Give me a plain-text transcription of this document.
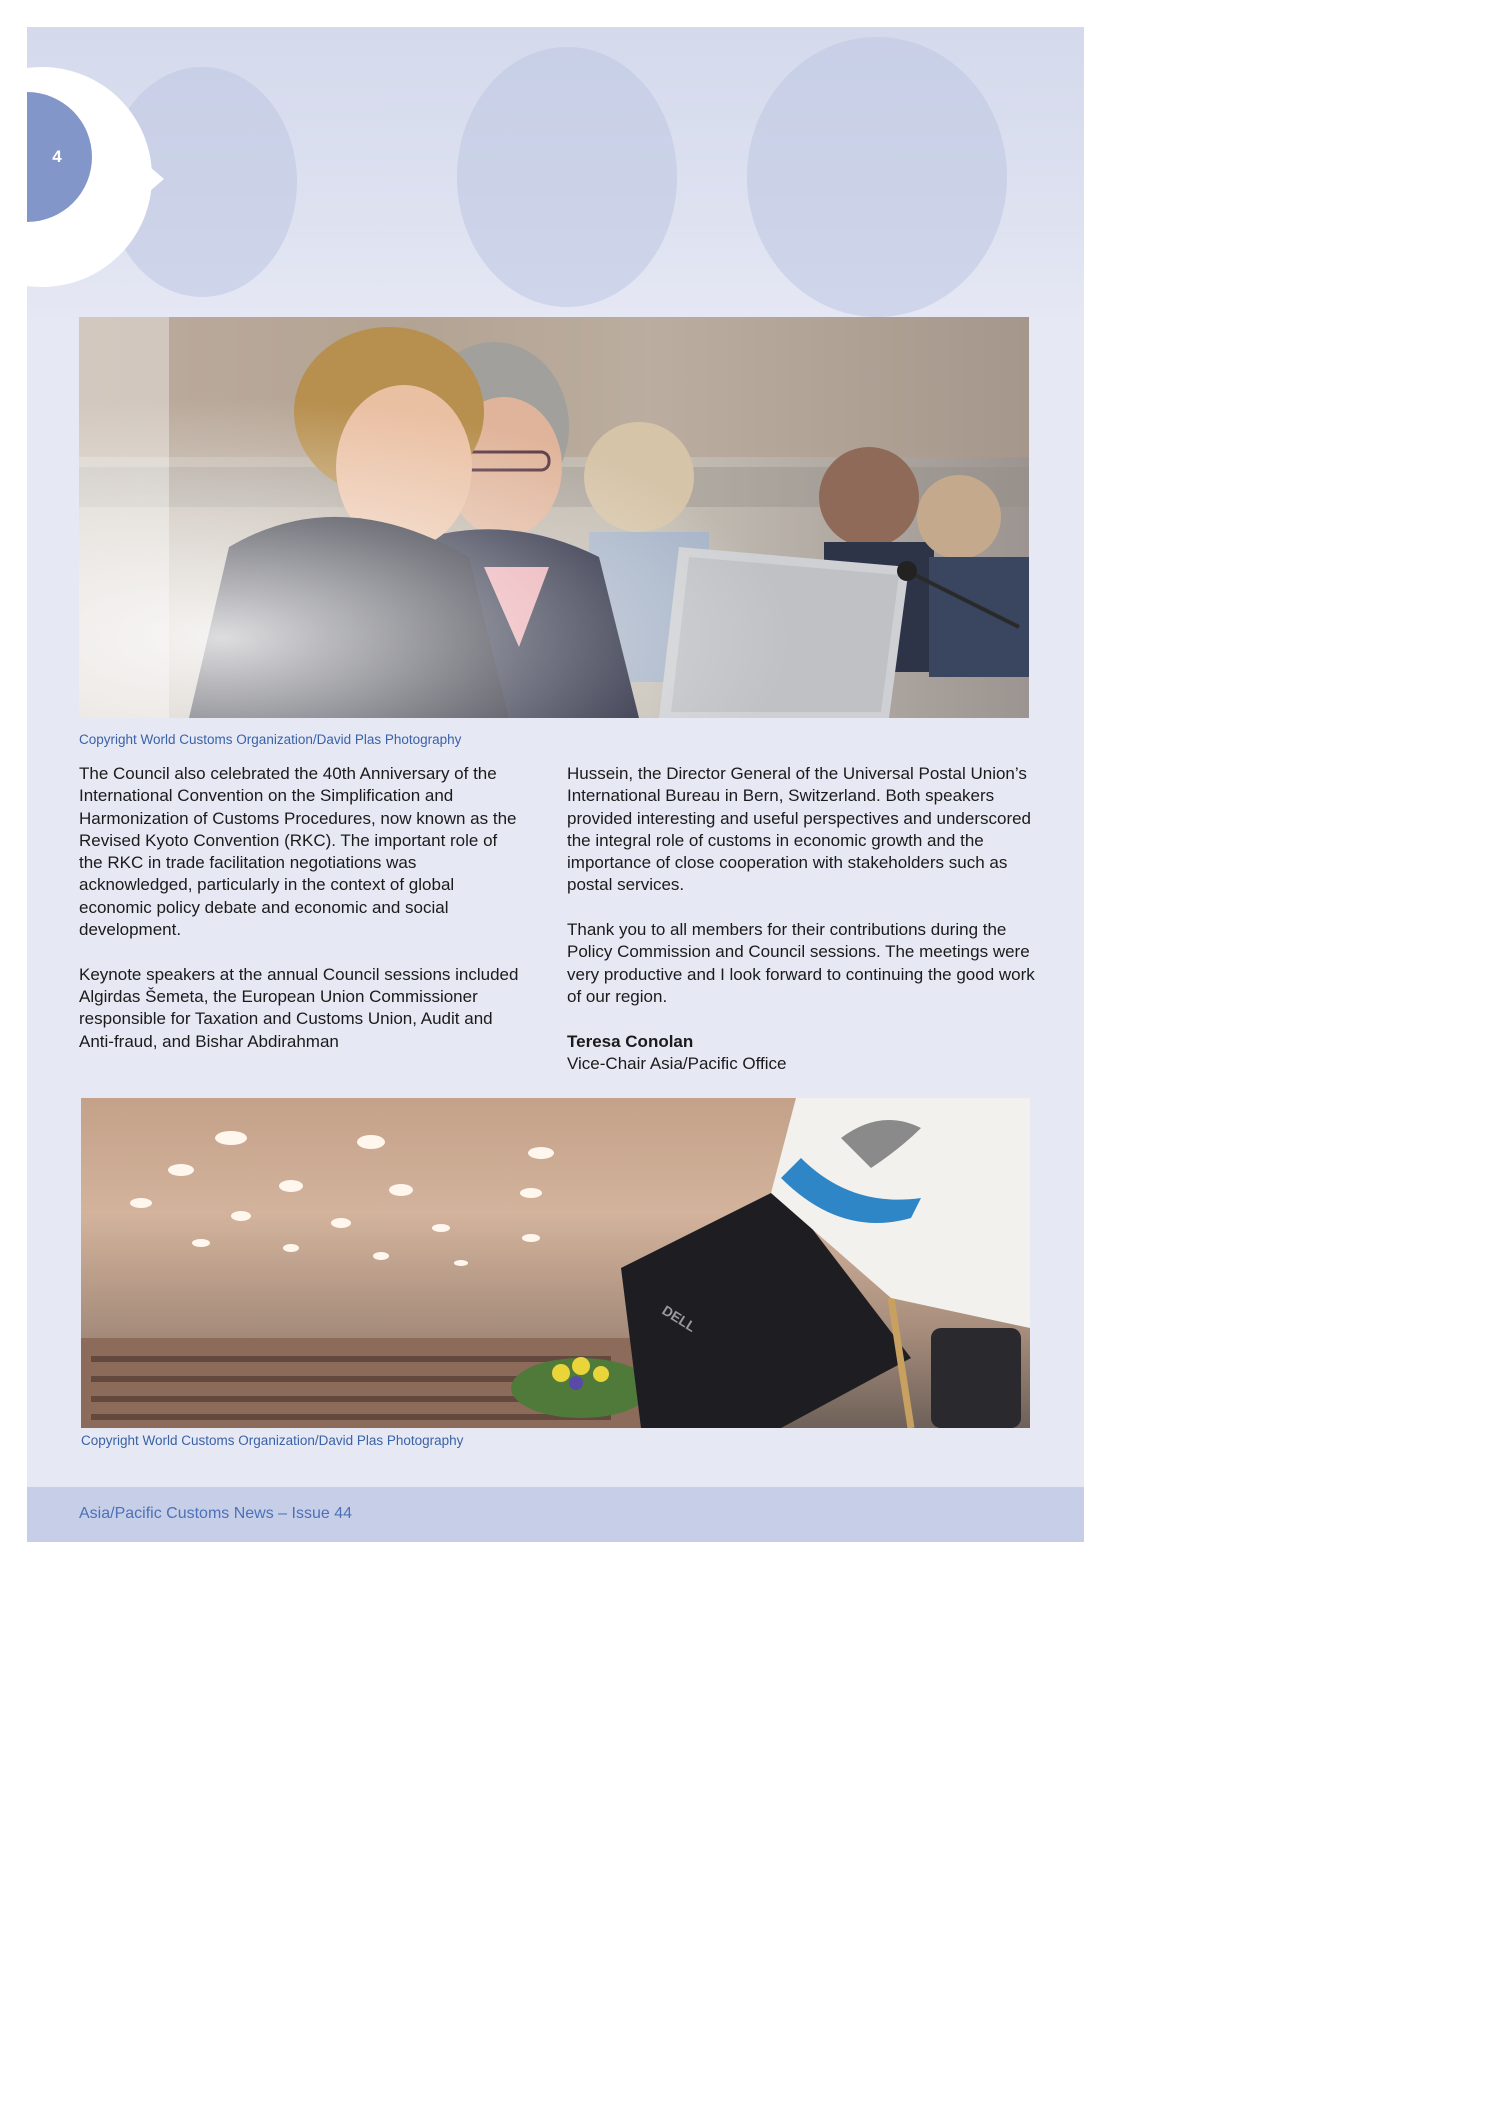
4
Copyright World Customs Organization/David Plas Photography

The Council also celebrated the 40th Anniversary of the International Convention on the Simplification and Harmonization of Customs Procedures, now known as the Revised Kyoto Convention (RKC). The important role of the RKC in trade facilitation negotiations was acknowledged, particularly in the context of global economic policy debate and economic and social development.

Keynote speakers at the annual Council sessions included Algirdas Šemeta, the European Union Commissioner responsible for Taxation and Customs Union, Audit and Anti-fraud, and Bishar Abdirahman

Hussein, the Director General of the Universal Postal Union’s International Bureau in Bern, Switzerland. Both speakers provided interesting and useful perspectives and underscored the integral role of customs in economic growth and the importance of close cooperation with stakeholders such as postal services.

Thank you to all members for their contributions during the Policy Commission and Council sessions. The meetings were very productive and I look forward to continuing the good work of our region.

Teresa Conolan
Vice-Chair Asia/Pacific Office
DELL
Copyright World Customs Organization/David Plas Photography
Asia/Pacific Customs News – Issue 44
